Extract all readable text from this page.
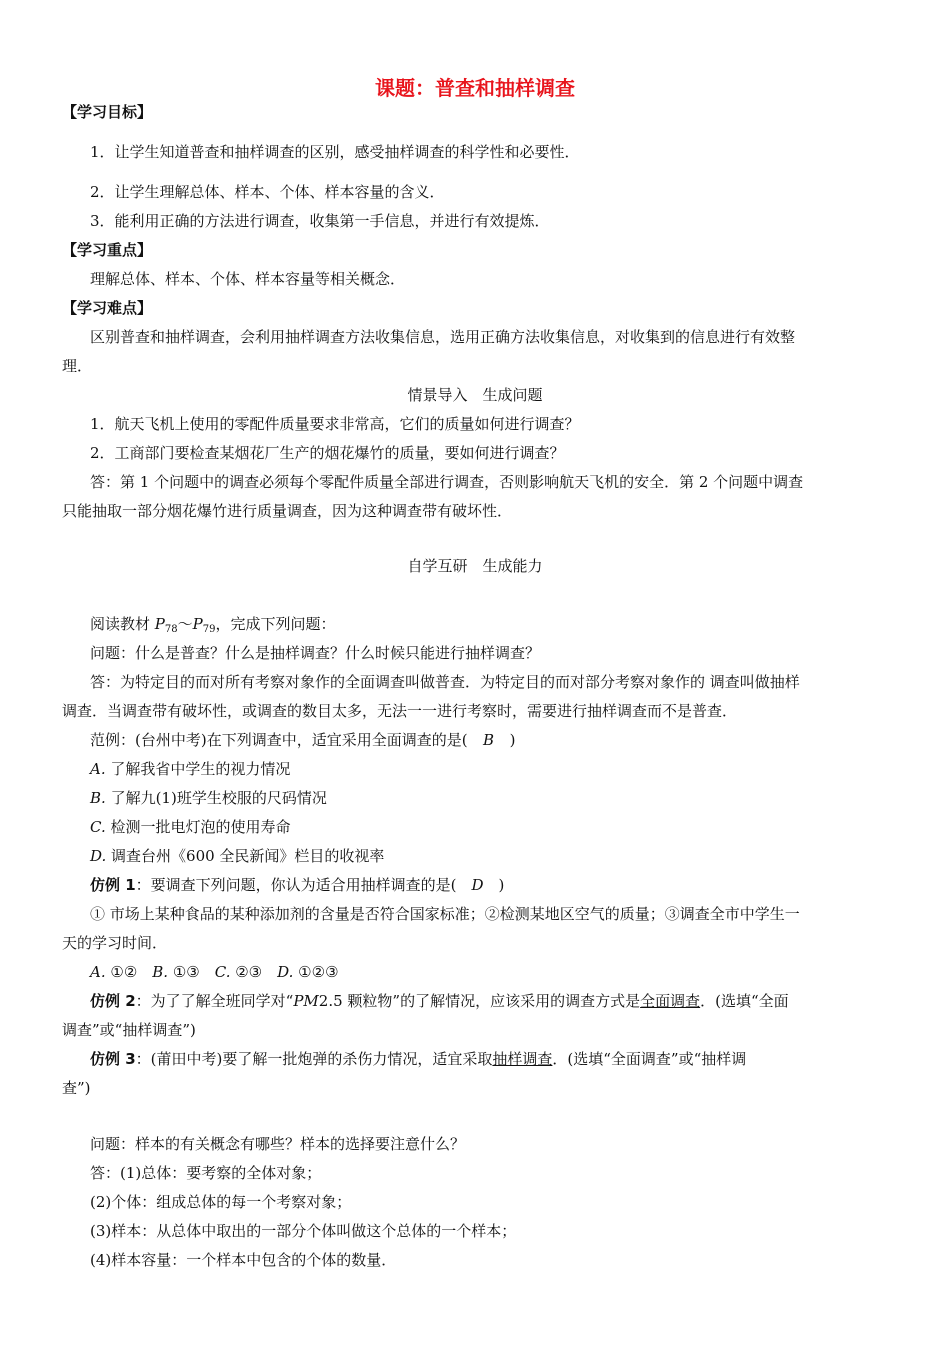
课题：普查和抽样调查
【学习目标】
1．让学生知道普查和抽样调查的区别，感受抽样调查的科学性和必要性．
2．让学生理解总体、样本、个体、样本容量的含义．
3．能利用正确的方法进行调查，收集第一手信息，并进行有效提炼．
【学习重点】
理解总体、样本、个体、样本容量等相关概念．
【学习难点】
区别普查和抽样调查，会利用抽样调查方法收集信息，选用正确方法收集信息，对收集到的信息进行有效整
理．
情景导入　生成问题
1．航天飞机上使用的零配件质量要求非常高，它们的质量如何进行调查？
2．工商部门要检查某烟花厂生产的烟花爆竹的质量，要如何进行调查？
答：第 1 个问题中的调查必须每个零配件质量全部进行调查，否则影响航天飞机的安全．第 2 个问题中调查
只能抽取一部分烟花爆竹进行质量调查，因为这种调查带有破坏性．
自学互研　生成能力
阅读教材 $P_{78}\sim P_{79}$，完成下列问题：
问题：什么是普查？什么是抽样调查？什么时候只能进行抽样调查？
答：为特定目的而对所有考察对象作的全面调查叫做普查．为特定目的而对部分考察对象作的 调查叫做抽样
调查．当调查带有破坏性，或调查的数目太多，无法一一进行考察时，需要进行抽样调查而不是普查．
范例：(台州中考)在下列调查中，适宜采用全面调查的是( B )
A. 了解我省中学生的视力情况
B. 了解九(1)班学生校服的尺码情况
C. 检测一批电灯泡的使用寿命
D. 调查台州《600 全民新闻》栏目的收视率
仿例 1：要调查下列问题，你认为适合用抽样调查的是( D )
① 市场上某种食品的某种添加剂的含量是否符合国家标准；②检测某地区空气的质量；③调查全市中学生一
天的学习时间．
A. ①②　B. ①③　C. ②③　D. ①②③
仿例 2：为了了解全班同学对“PM2.5 颗粒物”的了解情况，应该采用的调查方式是全面调查．(选填“全面
调查”或“抽样调查”)
仿例 3：(莆田中考)要了解一批炮弹的杀伤力情况，适宜采取抽样调查．(选填“全面调查”或“抽样调
查”)
问题：样本的有关概念有哪些？样本的选择要注意什么？
答：(1)总体：要考察的全体对象；
(2)个体：组成总体的每一个考察对象；
(3)样本：从总体中取出的一部分个体叫做这个总体的一个样本；
(4)样本容量：一个样本中包含的个体的数量．
